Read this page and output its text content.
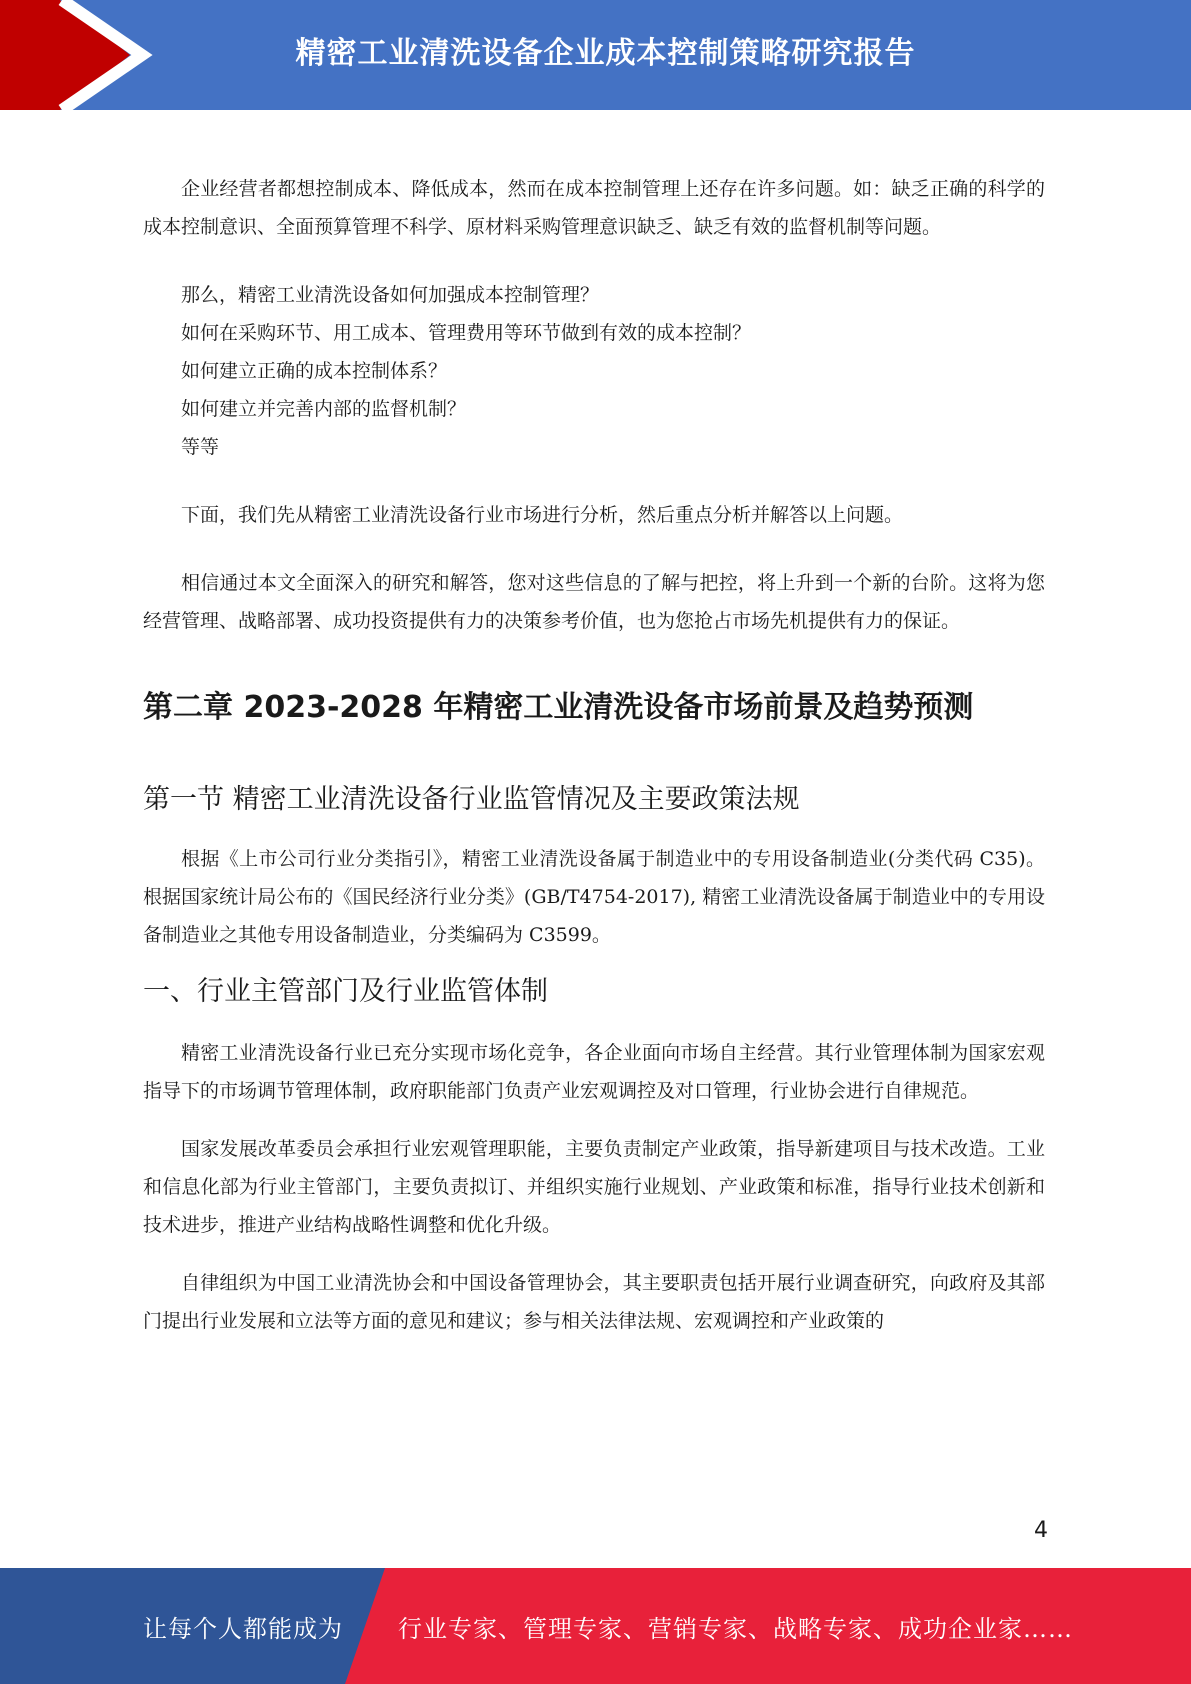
精密工业清洗设备企业成本控制策略研究报告

企业经营者都想控制成本、降低成本，然而在成本控制管理上还存在许多问题。如：缺乏正确的科学的成本控制意识、全面预算管理不科学、原材料采购管理意识缺乏、缺乏有效的监督机制等问题。

那么，精密工业清洗设备如何加强成本控制管理？

如何在采购环节、用工成本、管理费用等环节做到有效的成本控制？

如何建立正确的成本控制体系？

如何建立并完善内部的监督机制？

等等

下面，我们先从精密工业清洗设备行业市场进行分析，然后重点分析并解答以上问题。

相信通过本文全面深入的研究和解答，您对这些信息的了解与把控，将上升到一个新的台阶。这将为您经营管理、战略部署、成功投资提供有力的决策参考价值，也为您抢占市场先机提供有力的保证。

第二章 2023-2028 年精密工业清洗设备市场前景及趋势预测
第一节 精密工业清洗设备行业监管情况及主要政策法规

根据《上市公司行业分类指引》，精密工业清洗设备属于制造业中的专用设备制造业(分类代码 C35)。根据国家统计局公布的《国民经济行业分类》(GB/T4754-2017), 精密工业清洗设备属于制造业中的专用设备制造业之其他专用设备制造业，分类编码为 C3599。

一、行业主管部门及行业监管体制

精密工业清洗设备行业已充分实现市场化竞争，各企业面向市场自主经营。其行业管理体制为国家宏观指导下的市场调节管理体制，政府职能部门负责产业宏观调控及对口管理，行业协会进行自律规范。

国家发展改革委员会承担行业宏观管理职能，主要负责制定产业政策，指导新建项目与技术改造。工业和信息化部为行业主管部门，主要负责拟订、并组织实施行业规划、产业政策和标准，指导行业技术创新和技术进步，推进产业结构战略性调整和优化升级。

自律组织为中国工业清洗协会和中国设备管理协会，其主要职责包括开展行业调查研究，向政府及其部门提出行业发展和立法等方面的意见和建议；参与相关法律法规、宏观调控和产业政策的

4
让每个人都能成为 行业专家、管理专家、营销专家、战略专家、成功企业家……
